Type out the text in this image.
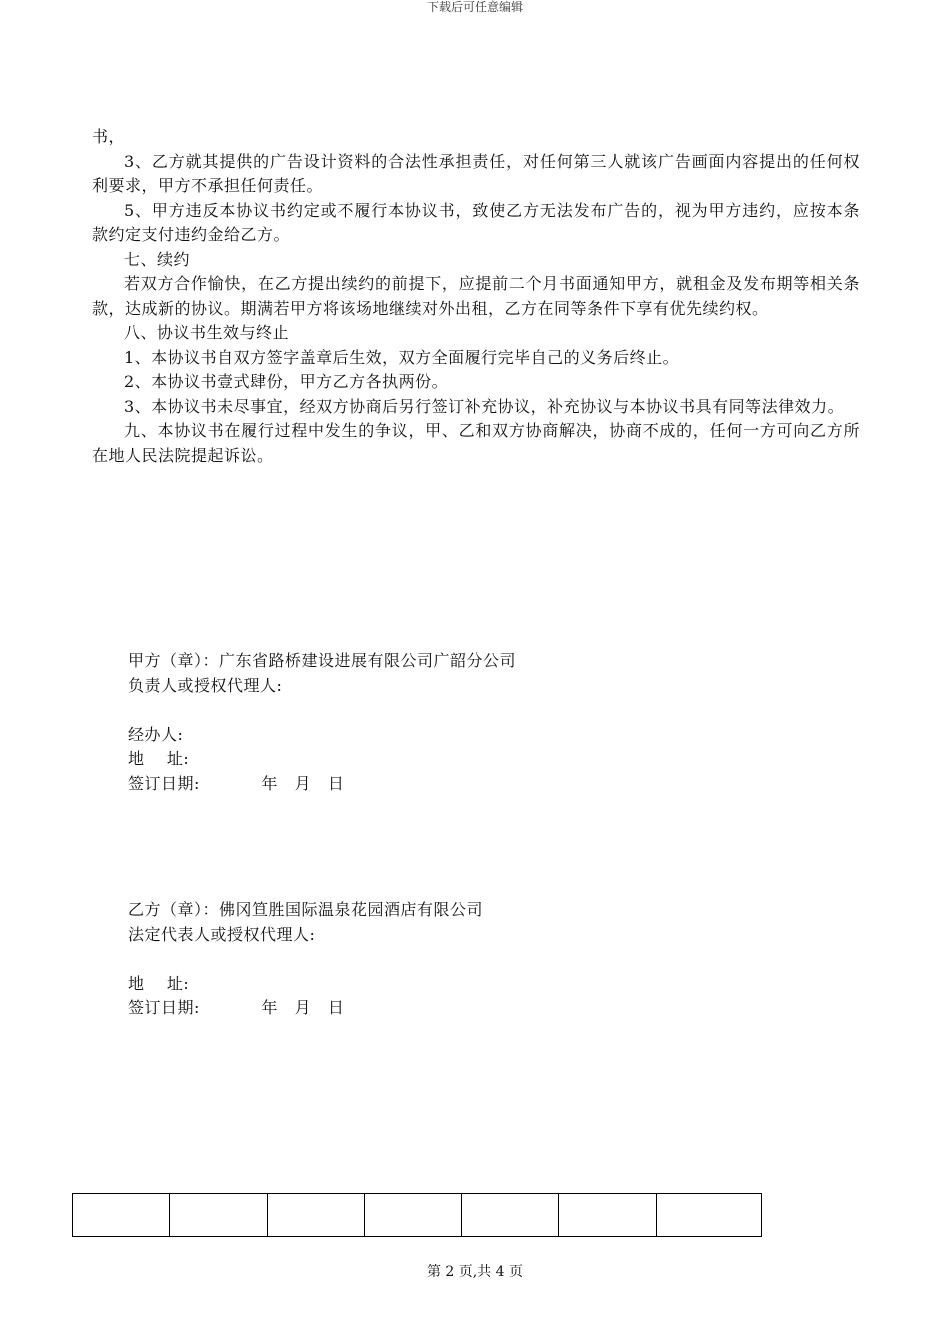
下载后可任意编辑

书，

3、乙方就其提供的广告设计资料的合法性承担责任，对任何第三人就该广告画面内容提出的任何权利要求，甲方不承担任何责任。

5、甲方违反本协议书约定或不履行本协议书，致使乙方无法发布广告的，视为甲方违约，应按本条款约定支付违约金给乙方。

七、续约

若双方合作愉快，在乙方提出续约的前提下，应提前二个月书面通知甲方，就租金及发布期等相关条款，达成新的协议。期满若甲方将该场地继续对外出租，乙方在同等条件下享有优先续约权。

八、协议书生效与终止

1、本协议书自双方签字盖章后生效，双方全面履行完毕自己的义务后终止。

2、本协议书壹式肆份，甲方乙方各执两份。

3、本协议书未尽事宜，经双方协商后另行签订补充协议，补充协议与本协议书具有同等法律效力。

九、本协议书在履行过程中发生的争议，甲、乙和双方协商解决，协商不成的，任何一方可向乙方所在地人民法院提起诉讼。

甲方（章）：广东省路桥建设进展有限公司广韶分公司
负责人或授权代理人:
经办人:
地    址:
签订日期:           年   月   日
乙方（章）：佛冈笪胜国际温泉花园酒店有限公司
法定代表人或授权代理人:
地    址:
签订日期:           年   月   日

第 2 页,共 4 页
